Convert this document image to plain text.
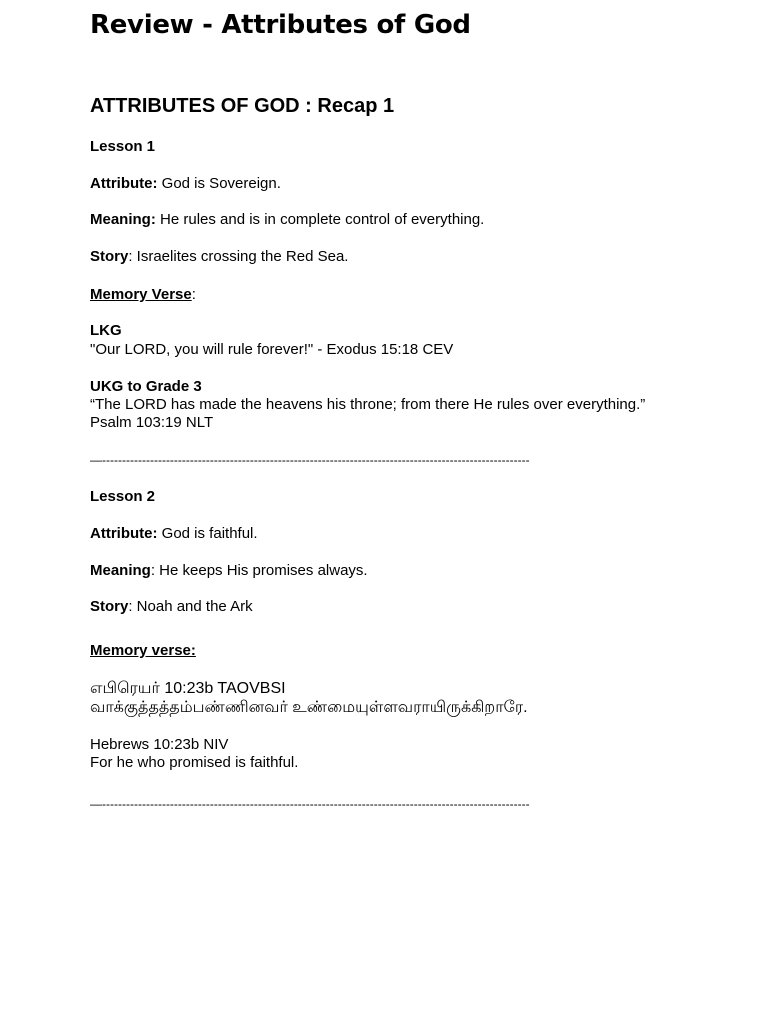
Review - Attributes of God
ATTRIBUTES OF GOD : Recap 1
Lesson 1
Attribute: God is Sovereign.
Meaning: He rules and is in complete control of everything.
Story: Israelites crossing the Red Sea.
Memory Verse:
LKG
"Our LORD, you will rule forever!" - Exodus 15:18 CEV
UKG to Grade 3
“The LORD has made the heavens his throne; from there He rules over everything.”
Psalm 103:19 NLT
—-----------------------------------------------------------------------------------------------------------
Lesson 2
Attribute: God is faithful.
Meaning: He keeps His promises always.
Story: Noah and the Ark
Memory verse:
எபிரெயர் 10:23b TAOVBSI
வாக்குத்தத்தம்பண்ணினவர் உண்மையுள்ளவராயிருக்கிறாரே.
Hebrews 10:23b NIV
For he who promised is faithful.
—-----------------------------------------------------------------------------------------------------------
